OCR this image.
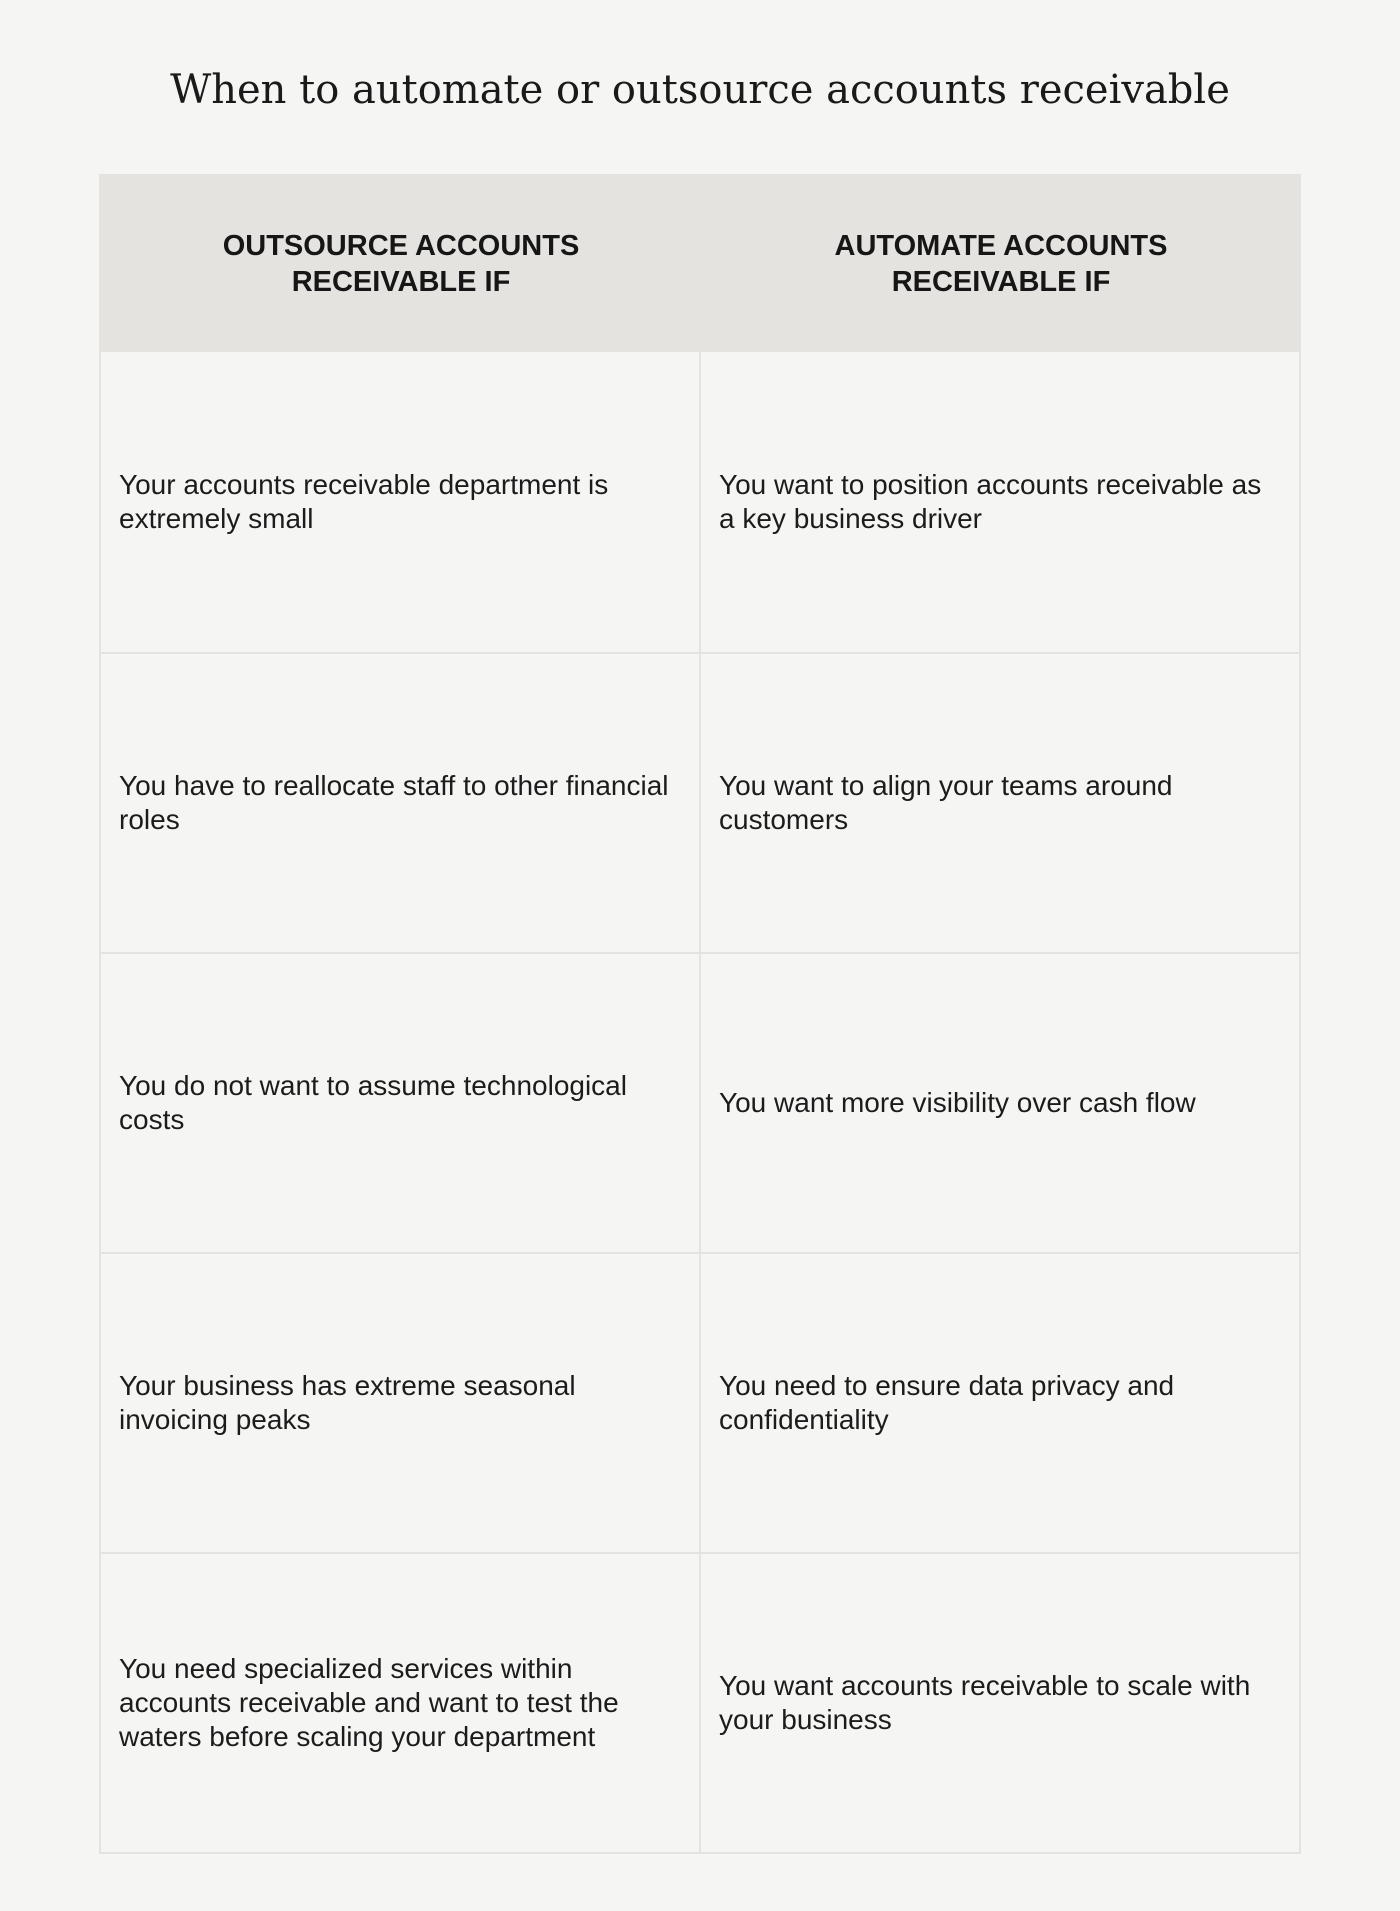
When to automate or outsource accounts receivable
OUTSOURCE ACCOUNTS RECEIVABLE IF
AUTOMATE ACCOUNTS RECEIVABLE IF
Your accounts receivable department is extremely small
You want to position accounts receivable as a key business driver
You have to reallocate staff to other financial roles
You want to align your teams around customers
You do not want to assume technological costs
You want more visibility over cash flow
Your business has extreme seasonal invoicing peaks
You need to ensure data privacy and confidentiality
You need specialized services within accounts receivable and want to test the waters before scaling your department
You want accounts receivable to scale with your business
